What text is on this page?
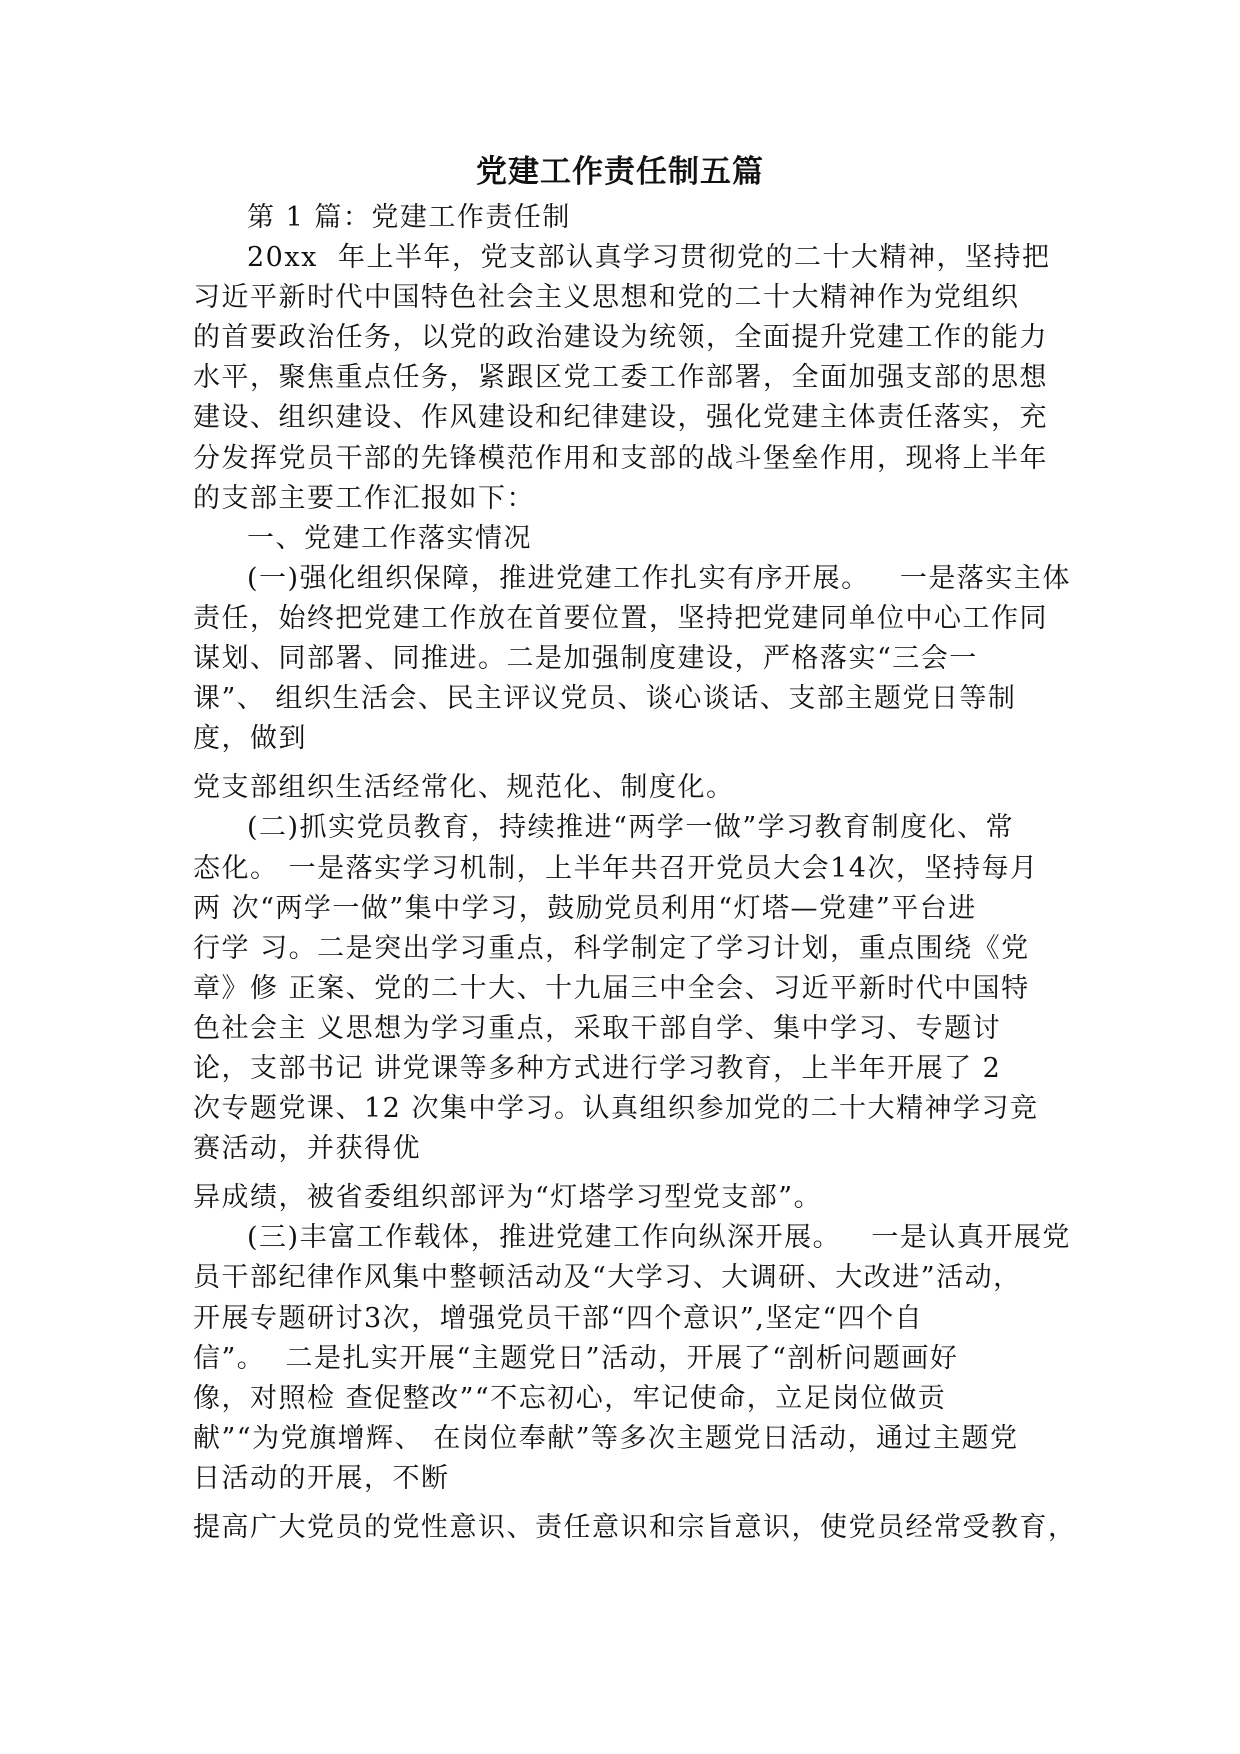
党建工作责任制五篇
第 1 篇：党建工作责任制
20xx  年上半年，党支部认真学习贯彻党的二十大精神，坚持把
习近平新时代中国特色社会主义思想和党的二十大精神作为党组织
的首要政治任务，以党的政治建设为统领，全面提升党建工作的能力
水平，聚焦重点任务，紧跟区党工委工作部署，全面加强支部的思想
建设、组织建设、作风建设和纪律建设，强化党建主体责任落实，充
分发挥党员干部的先锋模范作用和支部的战斗堡垒作用，现将上半年
的支部主要工作汇报如下：
一、党建工作落实情况
(一)强化组织保障，推进党建工作扎实有序开展。   一是落实主体
责任，始终把党建工作放在首要位置，坚持把党建同单位中心工作同
谋划、同部署、同推进。二是加强制度建设，严格落实“三会一
课”、 组织生活会、民主评议党员、谈心谈话、支部主题党日等制
度，做到
党支部组织生活经常化、规范化、制度化。
(二)抓实党员教育，持续推进“两学一做”学习教育制度化、常
态化。 一是落实学习机制，上半年共召开党员大会14次，坚持每月
两 次“两学一做”集中学习，鼓励党员利用“灯塔—党建”平台进
行学 习。二是突出学习重点，科学制定了学习计划，重点围绕《党
章》修 正案、党的二十大、十九届三中全会、习近平新时代中国特
色社会主 义思想为学习重点，采取干部自学、集中学习、专题讨
论，支部书记 讲党课等多种方式进行学习教育，上半年开展了 2
次专题党课、12 次集中学习。认真组织参加党的二十大精神学习竞
赛活动，并获得优
异成绩，被省委组织部评为“灯塔学习型党支部”。
(三)丰富工作载体，推进党建工作向纵深开展。   一是认真开展党
员干部纪律作风集中整顿活动及“大学习、大调研、大改进”活动，
开展专题研讨3次，增强党员干部“四个意识”,坚定“四个自
信”。  二是扎实开展“主题党日”活动，开展了“剖析问题画好
像，对照检 查促整改”“不忘初心，牢记使命，立足岗位做贡
献”“为党旗增辉、 在岗位奉献”等多次主题党日活动，通过主题党
日活动的开展，不断
提高广大党员的党性意识、责任意识和宗旨意识，使党员经常受教育，
